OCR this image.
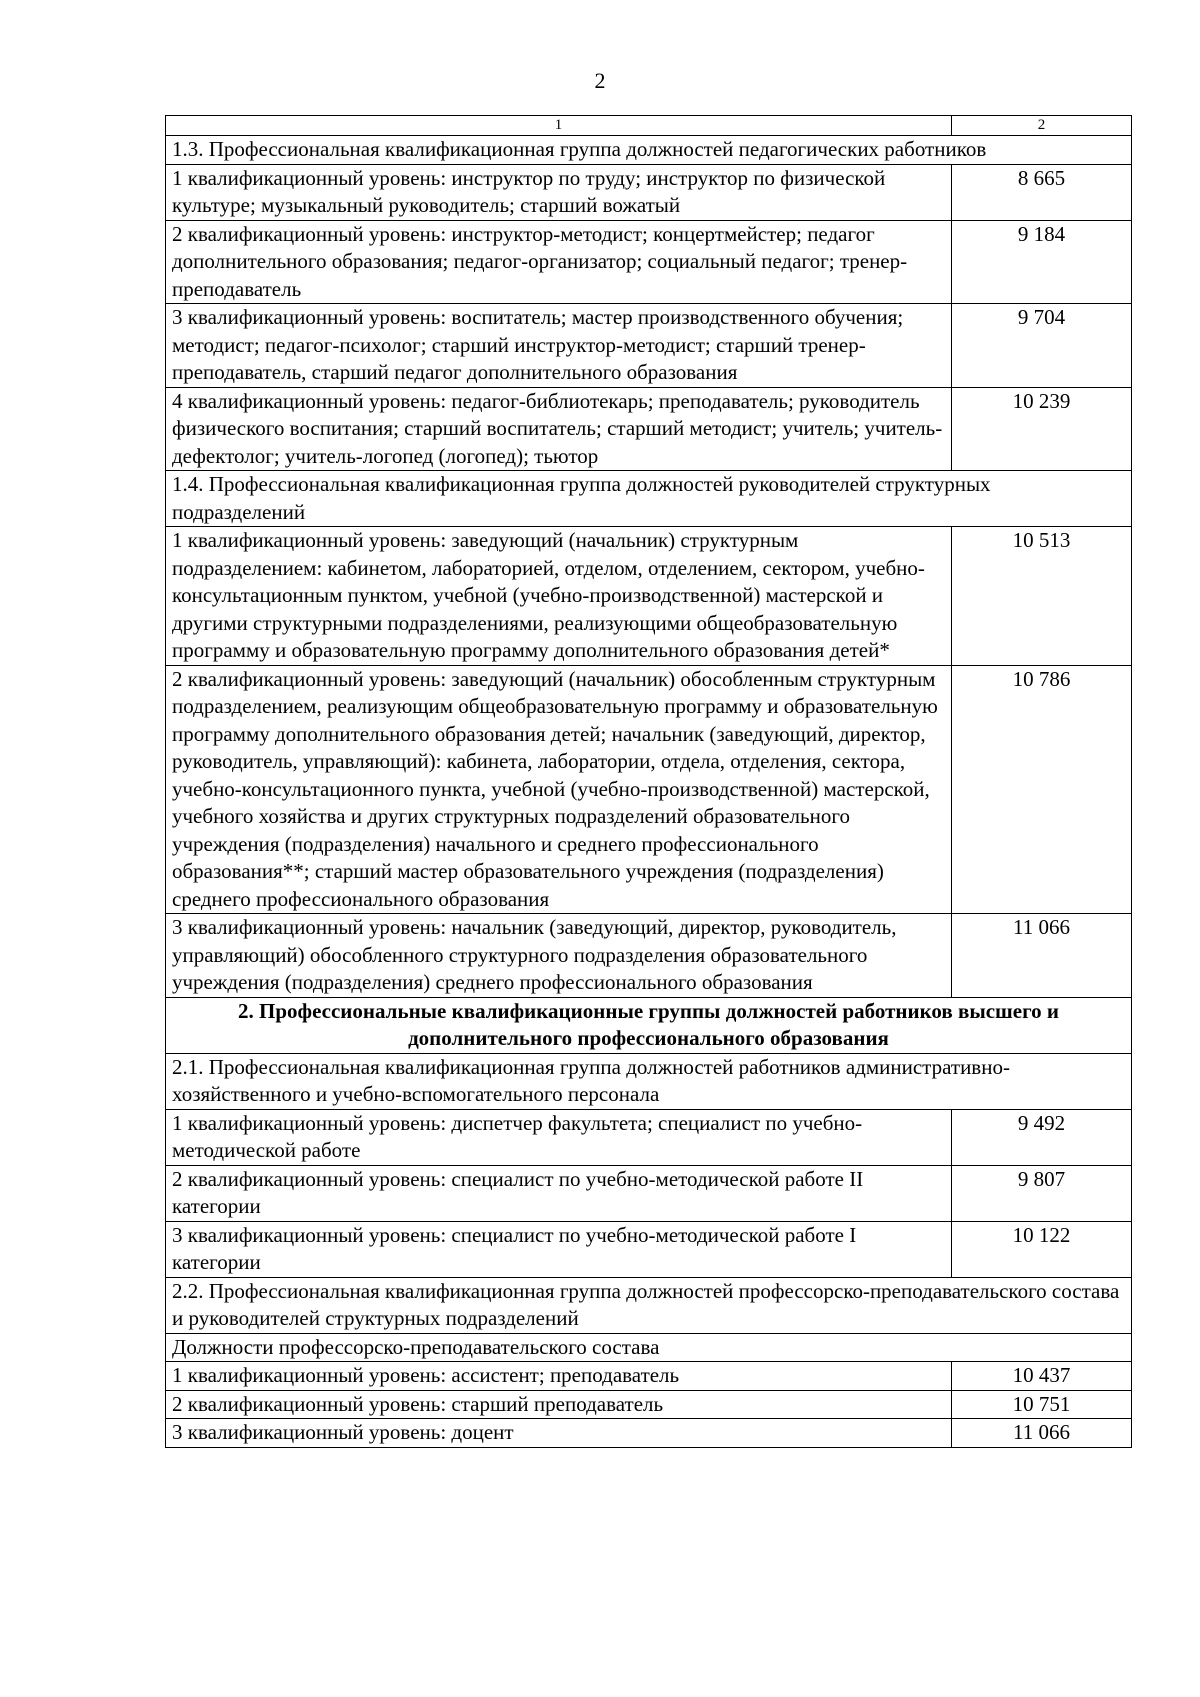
2
1	2
1.3. Профессиональная квалификационная группа должностей педагогических работников	
1 квалификационный уровень: инструктор по труду; инструктор по физической культуре; музыкальный руководитель; старший вожатый	8 665
2 квалификационный уровень: инструктор-методист; концертмейстер; педагог дополнительного образования; педагог-организатор; социальный педагог; тренер-преподаватель	9 184
3 квалификационный уровень: воспитатель; мастер производственного обучения; методист; педагог-психолог; старший инструктор-методист; старший тренер-преподаватель, старший педагог дополнительного образования	9 704
4 квалификационный уровень: педагог-библиотекарь; преподаватель; руководитель физического воспитания; старший воспитатель; старший методист; учитель; учитель-дефектолог; учитель-логопед (логопед); тьютор	10 239
1.4. Профессиональная квалификационная группа должностей руководителей структурных подразделений	
1 квалификационный уровень: заведующий (начальник) структурным подразделением: кабинетом, лабораторией, отделом, отделением, сектором, учебно-консультационным пунктом, учебной (учебно-производственной) мастерской и другими структурными подразделениями, реализующими общеобразовательную программу и образовательную программу дополнительного образования детей*	10 513
2 квалификационный уровень: заведующий (начальник) обособленным структурным подразделением, реализующим общеобразовательную программу и образовательную программу дополнительного образования детей; начальник (заведующий, директор, руководитель, управляющий): кабинета, лаборатории, отдела, отделения, сектора, учебно-консультационного пункта, учебной (учебно-производственной) мастерской, учебного хозяйства и других структурных подразделений образовательного учреждения (подразделения) начального и среднего профессионального образования**; старший мастер образовательного учреждения (подразделения) среднего профессионального образования	10 786
3 квалификационный уровень: начальник (заведующий, директор, руководитель, управляющий) обособленного структурного подразделения образовательного учреждения (подразделения) среднего профессионального образования	11 066
2. Профессиональные квалификационные группы должностей работников высшего и дополнительного профессионального образования	
2.1. Профессиональная квалификационная группа должностей работников административно-хозяйственного и учебно-вспомогательного персонала	
1 квалификационный уровень: диспетчер факультета; специалист по учебно-методической работе	9 492
2 квалификационный уровень: специалист по учебно-методической работе II категории	9 807
3 квалификационный уровень: специалист по учебно-методической работе I категории	10 122
2.2. Профессиональная квалификационная группа должностей профессорско-преподавательского состава и руководителей структурных подразделений	
Должности профессорско-преподавательского состава	
1 квалификационный уровень: ассистент; преподаватель	10 437
2 квалификационный уровень: старший преподаватель	10 751
3 квалификационный уровень: доцент	11 066
